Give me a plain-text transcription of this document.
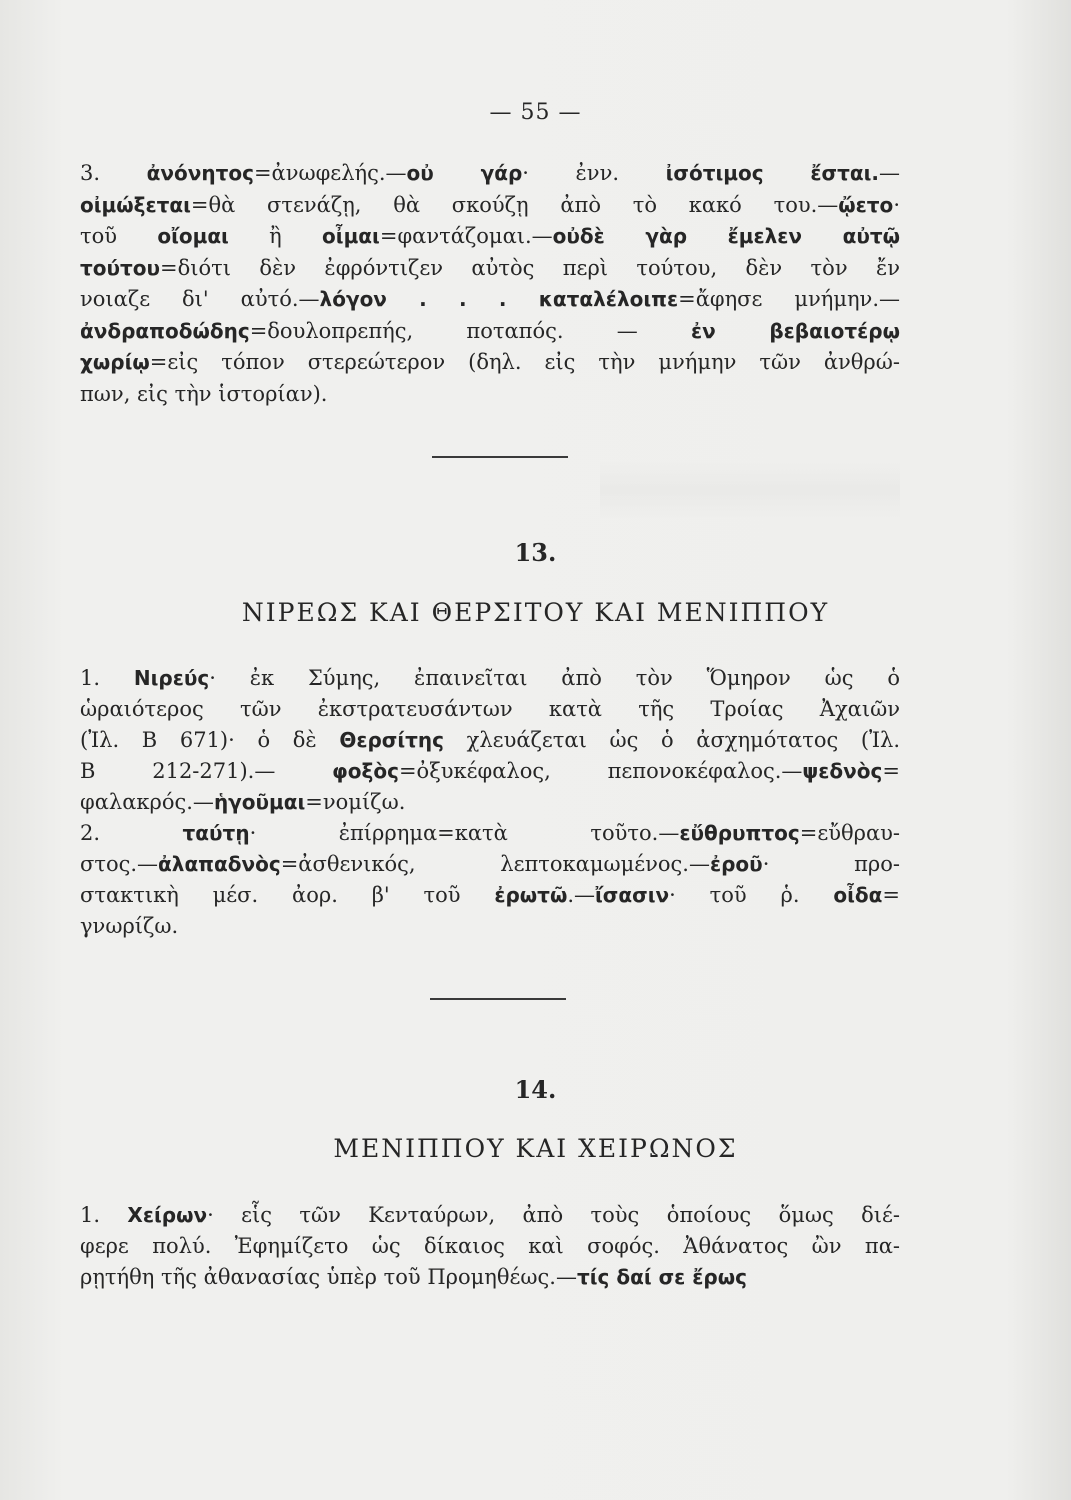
— 55 —
3. ἀνόνητος=ἀνωφελής.—οὐ γάρ· ἐνν. ἰσότιμος ἔσται.—
οἰμώξεται=θὰ στενάζῃ, θὰ σκούζῃ ἀπὸ τὸ κακό του.—ᾤετο·
τοῦ οἴομαι ἢ οἶμαι=φαντάζομαι.—οὐδὲ γὰρ ἔμελεν αὐτῷ
τούτου=διότι δὲν ἐφρόντιζεν αὐτὸς περὶ τούτου, δὲν τὸν ἔν
νοιαζε δι' αὐτό.—λόγον . . . καταλέλοιπε=ἄφησε μνήμην.—
ἀνδραποδώδης=δουλοπρεπής, ποταπός. — ἐν βεβαιοτέρῳ
χωρίῳ=εἰς τόπον στερεώτερον (δηλ. εἰς τὴν μνήμην τῶν ἀνθρώ-
πων, εἰς τὴν ἱστορίαν).
13.
ΝΙΡΕΩΣ ΚΑΙ ΘΕΡΣΙΤΟΥ ΚΑΙ ΜΕΝΙΠΠΟΥ
1. Νιρεύς· ἐκ Σύμης, ἐπαινεῖται ἀπὸ τὸν Ὅμηρον ὡς ὁ
ὡραιότερος τῶν ἐκστρατευσάντων κατὰ τῆς Τροίας Ἀχαιῶν
(Ἰλ. Β 671)· ὁ δὲ Θερσίτης χλευάζεται ὡς ὁ ἀσχημότατος (Ἰλ.
Β 212-271).— φοξὸς=ὀξυκέφαλος, πεπονοκέφαλος.—ψεδνὸς=
φαλακρός.—ἡγοῦμαι=νομίζω.
2. ταύτῃ· ἐπίρρημα=κατὰ τοῦτο.—εὔθρυπτος=εὔθραυ-
στος.—ἀλαπαδνὸς=ἀσθενικός, λεπτοκαμωμένος.—ἐροῦ· προ-
στακτικὴ μέσ. ἀορ. β' τοῦ ἐρωτῶ.—ἴσασιν· τοῦ ῥ. οἶδα=
γνωρίζω.
14.
ΜΕΝΙΠΠΟΥ ΚΑΙ ΧΕΙΡΩΝΟΣ
1. Χείρων· εἷς τῶν Κενταύρων, ἀπὸ τοὺς ὁποίους ὅμως διέ-
φερε πολύ. Ἐφημίζετο ὡς δίκαιος καὶ σοφός. Ἀθάνατος ὢν πα-
ρῃτήθη τῆς ἀθανασίας ὑπὲρ τοῦ Προμηθέως.—τίς δαί σε ἔρως
